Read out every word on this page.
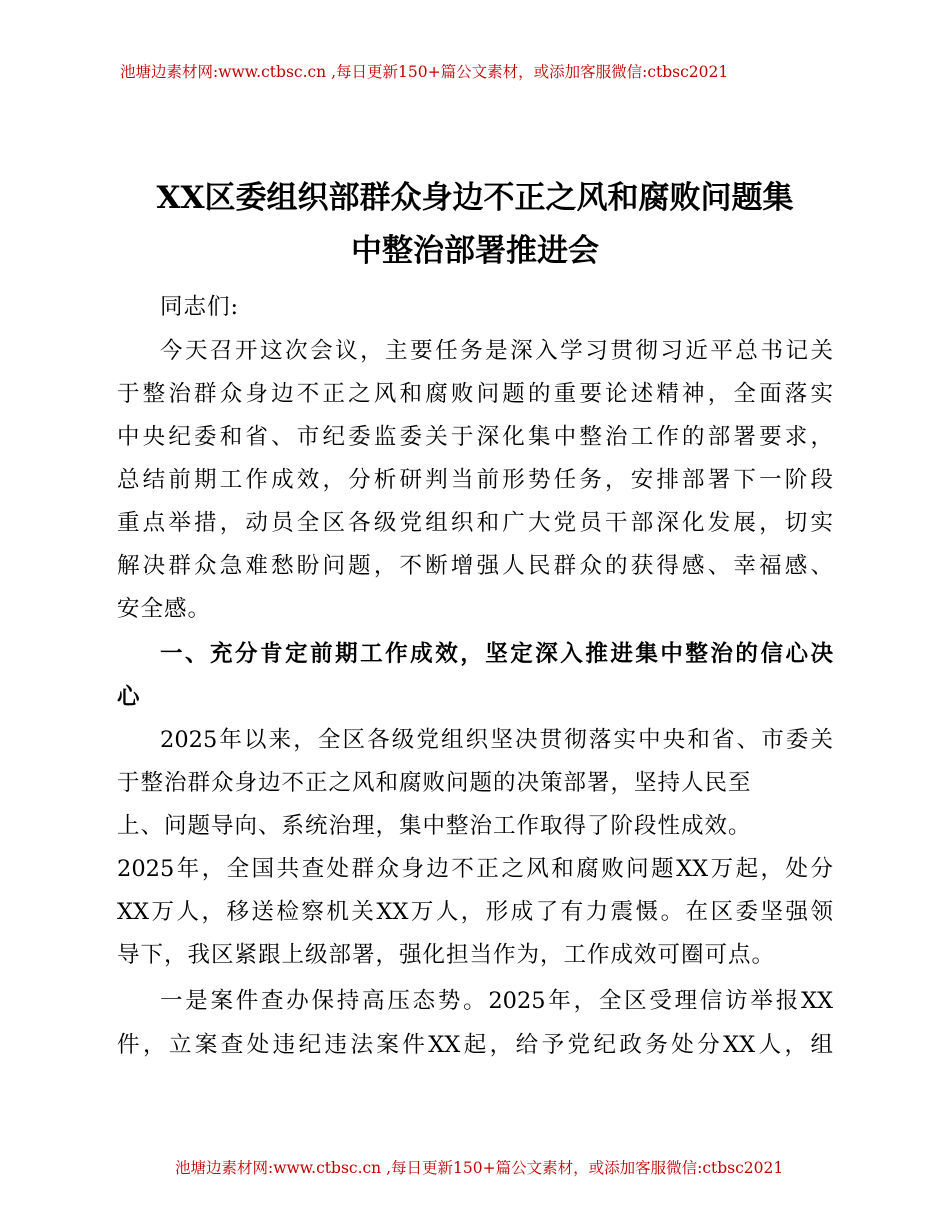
池塘边素材网:www.ctbsc.cn ,每日更新150+篇公文素材，或添加客服微信:ctbsc2021
XX区委组织部群众身边不正之风和腐败问题集
中整治部署推进会
同志们:
今天召开这次会议，主要任务是深入学习贯彻习近平总书记关
于整治群众身边不正之风和腐败问题的重要论述精神，全面落实
中央纪委和省、市纪委监委关于深化集中整治工作的部署要求，
总结前期工作成效，分析研判当前形势任务，安排部署下一阶段
重点举措，动员全区各级党组织和广大党员干部深化发展，切实
解决群众急难愁盼问题，不断增强人民群众的获得感、幸福感、
安全感。
一、充分肯定前期工作成效，坚定深入推进集中整治的信心决
心
2025年以来，全区各级党组织坚决贯彻落实中央和省、市委关
于整治群众身边不正之风和腐败问题的决策部署，坚持人民至
上、问题导向、系统治理，集中整治工作取得了阶段性成效。
2025年，全国共查处群众身边不正之风和腐败问题XX万起，处分
XX万人，移送检察机关XX万人，形成了有力震慑。在区委坚强领
导下，我区紧跟上级部署，强化担当作为，工作成效可圈可点。
一是案件查办保持高压态势。2025年，全区受理信访举报XX
件，立案查处违纪违法案件XX起，给予党纪政务处分XX人，组
池塘边素材网:www.ctbsc.cn ,每日更新150+篇公文素材，或添加客服微信:ctbsc2021
